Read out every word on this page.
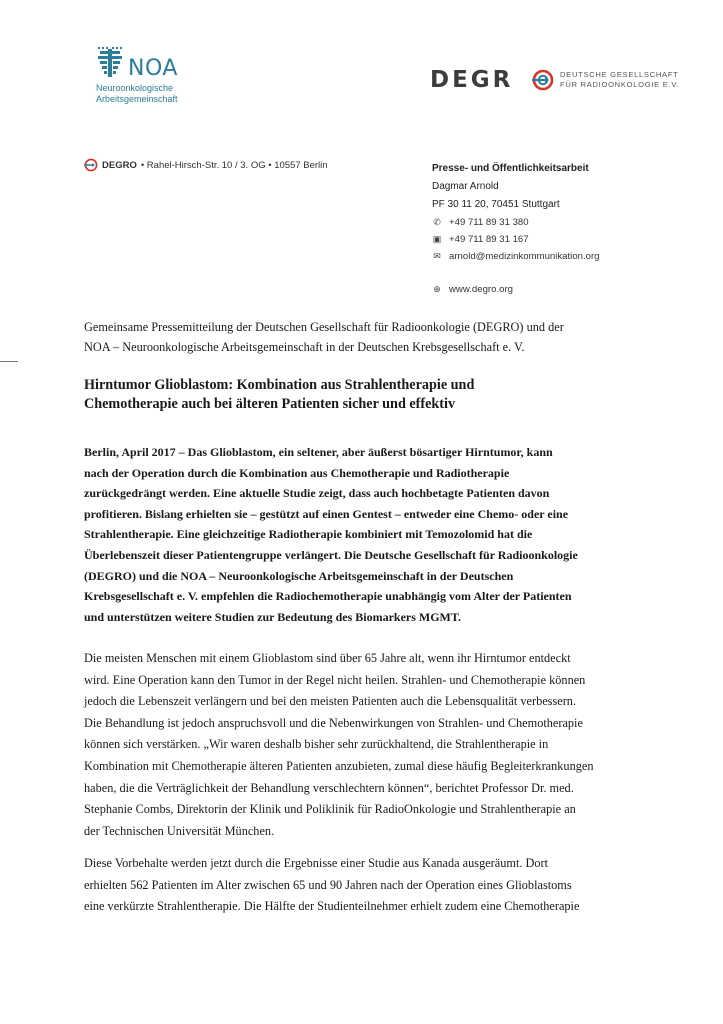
NOA
Neuroonkologische
Arbeitsgemeinschaft
DEGR	DEUTSCHE GESELLSCHAFT
FÜR RADIOONKOLOGIE E.V.
DEGRO • Rahel-Hirsch-Str. 10 / 3. OG • 10557 Berlin	Presse- und Öffentlichkeitsarbeit
Dagmar Arnold
PF 30 11 20, 70451 Stuttgart
✆ +49 711 89 31 380
▣ +49 711 89 31 167
✉ arnold@medizinkommunikation.org
⊕ www.degro.org
Gemeinsame Pressemitteilung der Deutschen Gesellschaft für Radioonkologie (DEGRO) und der
NOA – Neuroonkologische Arbeitsgemeinschaft in der Deutschen Krebsgesellschaft e. V.
Hirntumor Glioblastom: Kombination aus Strahlentherapie und
Chemotherapie auch bei älteren Patienten sicher und effektiv
Berlin, April 2017 – Das Glioblastom, ein seltener, aber äußerst bösartiger Hirntumor, kann
nach der Operation durch die Kombination aus Chemotherapie und Radiotherapie
zurückgedrängt werden. Eine aktuelle Studie zeigt, dass auch hochbetagte Patienten davon
profitieren. Bislang erhielten sie – gestützt auf einen Gentest – entweder eine Chemo- oder eine
Strahlentherapie. Eine gleichzeitige Radiotherapie kombiniert mit Temozolomid hat die
Überlebenszeit dieser Patientengruppe verlängert. Die Deutsche Gesellschaft für Radioonkologie
(DEGRO) und die NOA – Neuroonkologische Arbeitsgemeinschaft in der Deutschen
Krebsgesellschaft e. V. empfehlen die Radiochemotherapie unabhängig vom Alter der Patienten
und unterstützen weitere Studien zur Bedeutung des Biomarkers MGMT.
Die meisten Menschen mit einem Glioblastom sind über 65 Jahre alt, wenn ihr Hirntumor entdeckt
wird. Eine Operation kann den Tumor in der Regel nicht heilen. Strahlen- und Chemotherapie können
jedoch die Lebenszeit verlängern und bei den meisten Patienten auch die Lebensqualität verbessern.
Die Behandlung ist jedoch anspruchsvoll und die Nebenwirkungen von Strahlen- und Chemotherapie
können sich verstärken. „Wir waren deshalb bisher sehr zurückhaltend, die Strahlentherapie in
Kombination mit Chemotherapie älteren Patienten anzubieten, zumal diese häufig Begleiterkrankungen
haben, die die Verträglichkeit der Behandlung verschlechtern können“, berichtet Professor Dr. med.
Stephanie Combs, Direktorin der Klinik und Poliklinik für RadioOnkologie und Strahlentherapie an
der Technischen Universität München.
Diese Vorbehalte werden jetzt durch die Ergebnisse einer Studie aus Kanada ausgeräumt. Dort
erhielten 562 Patienten im Alter zwischen 65 und 90 Jahren nach der Operation eines Glioblastoms
eine verkürzte Strahlentherapie. Die Hälfte der Studienteilnehmer erhielt zudem eine Chemotherapie
